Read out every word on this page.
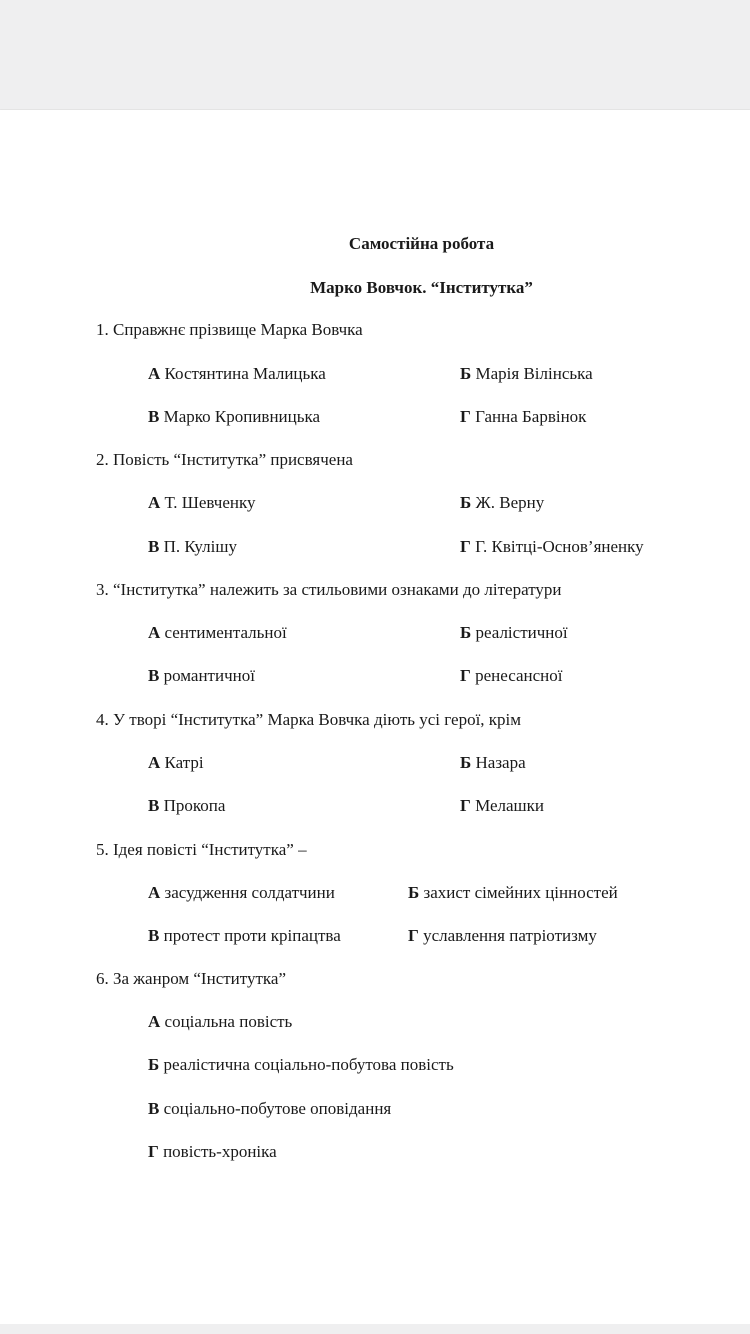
Самостійна робота
Марко Вовчок. “Інститутка”
1. Справжнє прізвище Марка Вовчка
А Костянтина Малицька	Б Марія Вілінська
В Марко Кропивницька	Г Ганна Барвінок
2. Повість “Інститутка” присвячена
А Т. Шевченку	Б Ж. Верну
В П. Кулішу	Г Г. Квітці-Основ’яненку
3. “Інститутка” належить за стильовими ознаками до літератури
А сентиментальної	Б реалістичної
В романтичної	Г ренесансної
4. У творі “Інститутка” Марка Вовчка діють усі герої, крім
А Катрі	Б Назара
В Прокопа	Г Мелашки
5. Ідея повісті “Інститутка” –
А засудження солдатчини	Б захист сімейних цінностей
В протест проти кріпацтва	Г уславлення патріотизму
6. За жанром “Інститутка”
А соціальна повість
Б реалістична соціально-побутова повість
В соціально-побутове оповідання
Г повість-хроніка
